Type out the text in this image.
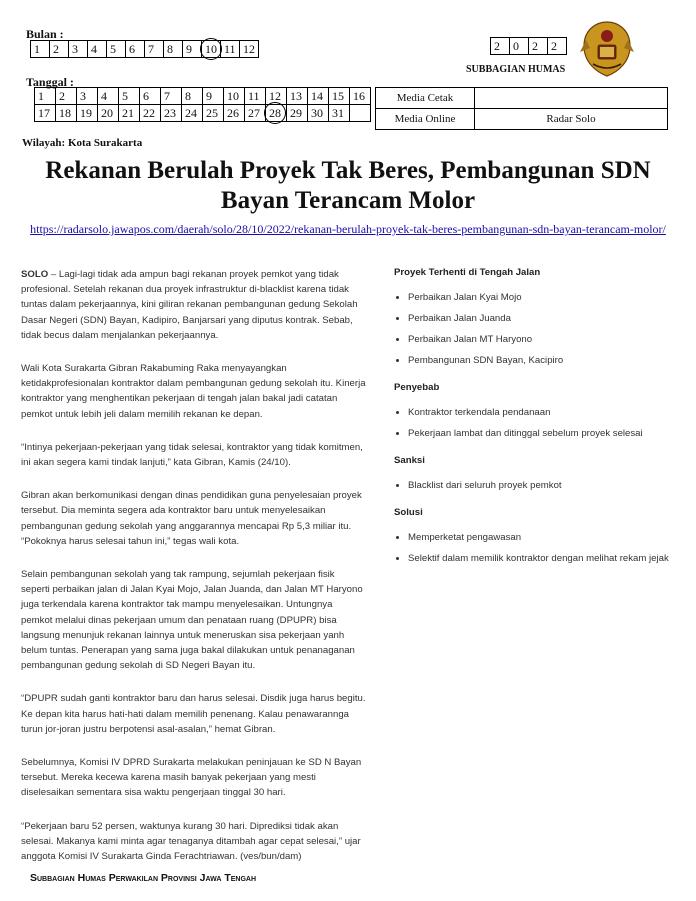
Bulan :
1	2	3	4	5	6	7	8	9	10	11	12	2	0	2	2
SUBBAGIAN HUMAS
Tanggal :
1	2	3	4	5	6	7	8	9	10	11	12	13	14	15	16
17	18	19	20	21	22	23	24	25	26	27	28	29	30	31	
Media Cetak	
Media Online	Radar Solo
Wilayah: Kota Surakarta
Rekanan Berulah Proyek Tak Beres, Pembangunan SDN Bayan Terancam Molor
https://radarsolo.jawapos.com/daerah/solo/28/10/2022/rekanan-berulah-proyek-tak-beres-pembangunan-sdn-bayan-terancam-molor/

SOLO – Lagi-lagi tidak ada ampun bagi rekanan proyek pemkot yang tidak profesional. Setelah rekanan dua proyek infrastruktur di-blacklist karena tidak tuntas dalam pekerjaannya, kini giliran rekanan pembangunan gedung Sekolah Dasar Negeri (SDN) Bayan, Kadipiro, Banjarsari yang diputus kontrak. Sebab, tidak becus dalam menjalankan pekerjaannya.

Wali Kota Surakarta Gibran Rakabuming Raka menyayangkan ketidakprofesionalan kontraktor dalam pembangunan gedung sekolah itu. Kinerja kontraktor yang menghentikan pekerjaan di tengah jalan bakal jadi catatan pemkot untuk lebih jeli dalam memilih rekanan ke depan.

“Intinya pekerjaan-pekerjaan yang tidak selesai, kontraktor yang tidak komitmen, ini akan segera kami tindak lanjuti,” kata Gibran, Kamis (24/10).

Gibran akan berkomunikasi dengan dinas pendidikan guna penyelesaian proyek tersebut. Dia meminta segera ada kontraktor baru untuk menyelesaikan pembangunan gedung sekolah yang anggarannya mencapai Rp 5,3 miliar itu. “Pokoknya harus selesai tahun ini,” tegas wali kota.

Selain pembangunan sekolah yang tak rampung, sejumlah pekerjaan fisik seperti perbaikan jalan di Jalan Kyai Mojo, Jalan Juanda, dan Jalan MT Haryono juga terkendala karena kontraktor tak mampu menyelesaikan. Untungnya pemkot melalui dinas pekerjaan umum dan penataan ruang (DPUPR) bisa langsung menunjuk rekanan lainnya untuk meneruskan sisa pekerjaan yanh belum tuntas. Penerapan yang sama juga bakal dilakukan untuk penanaganan pembangunan gedung sekolah di SD Negeri Bayan itu.

“DPUPR sudah ganti kontraktor baru dan harus selesai. Disdik juga harus begitu. Ke depan kita harus hati-hati dalam memilih penenang. Kalau penawarannga turun jor-joran justru berpotensi asal-asalan,” hemat Gibran.

Sebelumnya, Komisi IV DPRD Surakarta melakukan peninjauan ke SD N Bayan tersebut. Mereka kecewa karena masih banyak pekerjaan yang mesti diselesaikan sementara sisa waktu pengerjaan tinggal 30 hari.

“Pekerjaan baru 52 persen, waktunya kurang 30 hari. Diprediksi tidak akan selesai. Makanya kami minta agar tenaganya ditambah agar cepat selesai,” ujar anggota Komisi IV Surakarta Ginda Ferachtriawan. (ves/bun/dam)

Proyek Terhenti di Tengah Jalan
• Perbaikan Jalan Kyai Mojo
• Perbaikan Jalan Juanda
• Perbaikan Jalan MT Haryono
• Pembangunan SDN Bayan, Kacipiro
Penyebab
• Kontraktor terkendala pendanaan
• Pekerjaan lambat dan ditinggal sebelum proyek selesai
Sanksi
• Blacklist dari seluruh proyek pemkot
Solusi
• Memperketat pengawasan
• Selektif dalam memilik kontraktor dengan melihat rekam jejak
Subbagian Humas Perwakilan Provinsi Jawa Tengah
